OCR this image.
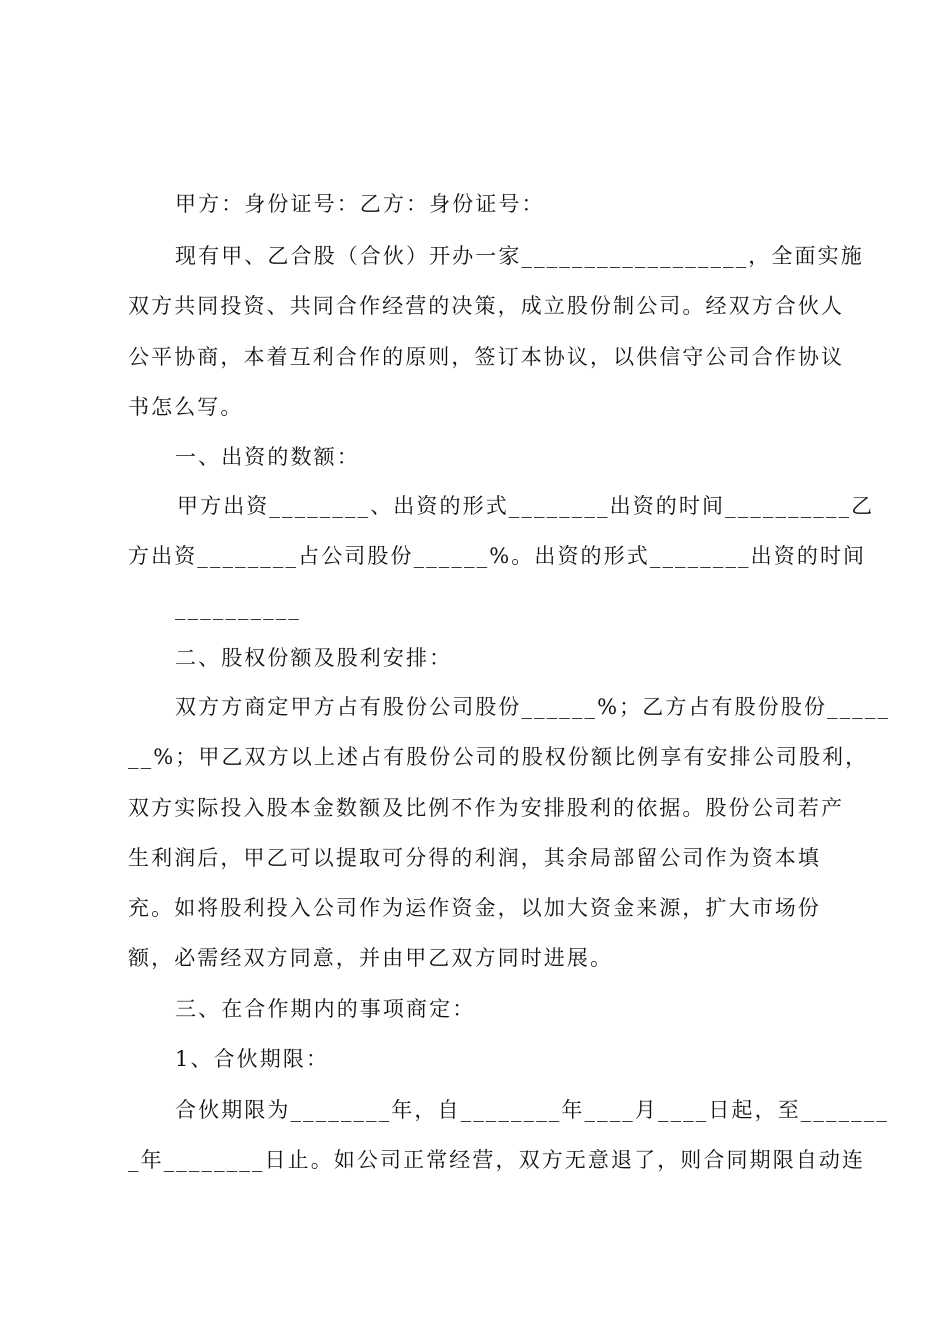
甲方：身份证号：乙方：身份证号：
现有甲、乙合股（合伙）开办一家__________________，全面实施
双方共同投资、共同合作经营的决策，成立股份制公司。经双方合伙人
公平协商，本着互利合作的原则，签订本协议，以供信守公司合作协议
书怎么写。
一、出资的数额：
甲方出资________、出资的形式________出资的时间__________乙
方出资________占公司股份______%。出资的形式________出资的时间
__________
二、股权份额及股利安排：
双方方商定甲方占有股份公司股份______%；乙方占有股份股份_____
__%；甲乙双方以上述占有股份公司的股权份额比例享有安排公司股利，
双方实际投入股本金数额及比例不作为安排股利的依据。股份公司若产
生利润后，甲乙可以提取可分得的利润，其余局部留公司作为资本填
充。如将股利投入公司作为运作资金，以加大资金来源，扩大市场份
额，必需经双方同意，并由甲乙双方同时进展。
三、在合作期内的事项商定：
1、合伙期限：
合伙期限为________年，自________年____月____日起，至_______
_年________日止。如公司正常经营，双方无意退了，则合同期限自动连
